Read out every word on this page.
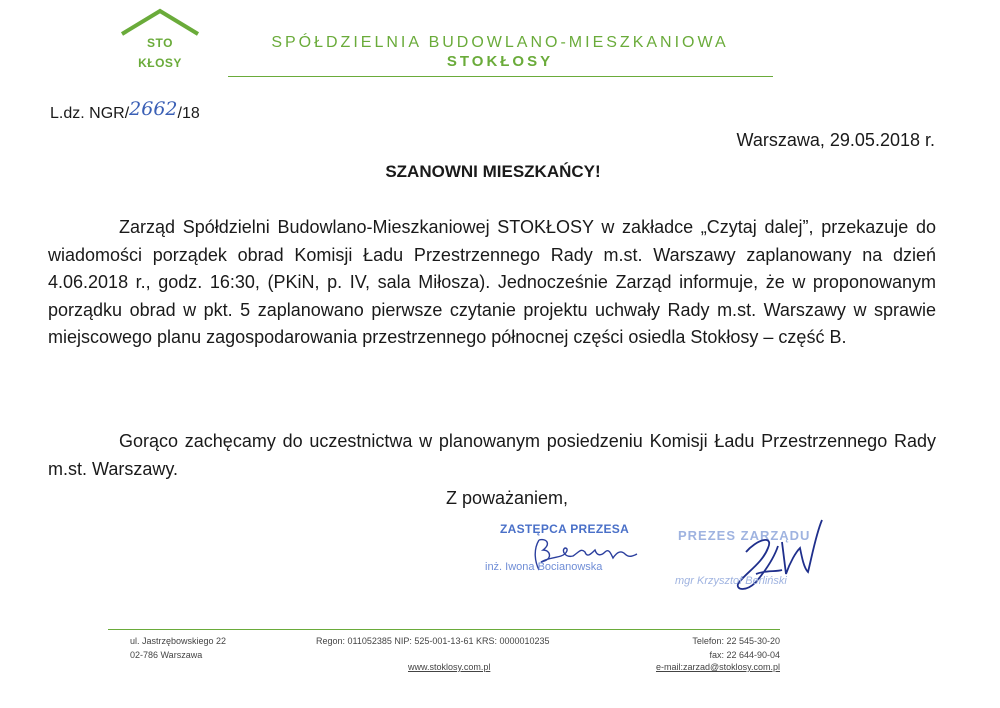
STO
KŁOSY
SPÓŁDZIELNIA BUDOWLANO-MIESZKANIOWA
STOKŁOSY
L.dz. NGR/2662/18
Warszawa, 29.05.2018 r.
SZANOWNI MIESZKAŃCY!
Zarząd Spółdzielni Budowlano-Mieszkaniowej STOKŁOSY w zakładce „Czytaj dalej”, przekazuje do wiadomości porządek obrad Komisji Ładu Przestrzennego Rady m.st. Warszawy zaplanowany na dzień 4.06.2018 r., godz. 16:30, (PKiN, p. IV, sala Miłosza). Jednocześnie Zarząd informuje, że w proponowanym porządku obrad w pkt. 5 zaplanowano pierwsze czytanie projektu uchwały Rady m.st. Warszawy w sprawie miejscowego planu zagospodarowania przestrzennego północnej części osiedla Stokłosy – część B.
Gorąco zachęcamy do uczestnictwa w planowanym posiedzeniu Komisji Ładu Przestrzennego Rady m.st. Warszawy.
Z poważaniem,
ZASTĘPCA PREZESA
inż. Iwona Bocianowska
PREZES ZARZĄDU
mgr Krzysztof Berliński
ul. Jastrzębowskiego 22
02-786 Warszawa
Regon: 011052385 NIP: 525-001-13-61 KRS: 0000010235	Telefon: 22 545-30-20
fax: 22 644-90-04
www.stoklosy.com.pl	e-mail:zarzad@stoklosy.com.pl
